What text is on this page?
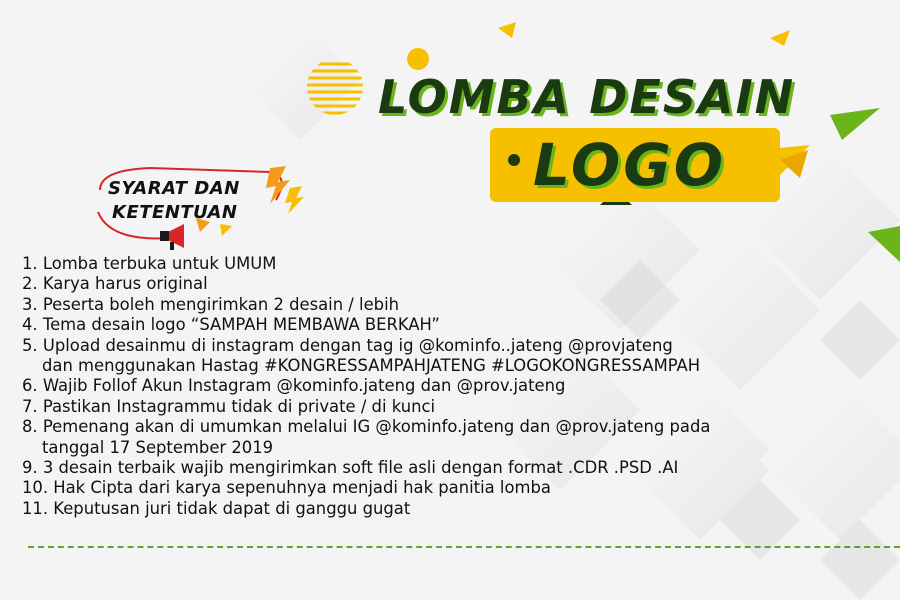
LOMBA DESAIN
LOGO
SYARAT DAN
KETENTUAN
1. Lomba terbuka untuk UMUM
2. Karya harus original
3. Peserta boleh mengirimkan 2 desain / lebih
4. Tema desain logo “SAMPAH MEMBAWA BERKAH”
5. Upload desainmu di instagram dengan tag ig @kominfo..jateng @provjateng
dan menggunakan Hastag #KONGRESSAMPAHJATENG #LOGOKONGRESSAMPAH
6. Wajib Follof Akun Instagram @kominfo.jateng dan @prov.jateng
7. Pastikan Instagrammu tidak di private / di kunci
8. Pemenang akan di umumkan melalui IG @kominfo.jateng dan @prov.jateng pada
tanggal 17 September 2019
9. 3 desain terbaik wajib mengirimkan soft file asli dengan format .CDR .PSD .AI
10. Hak Cipta dari karya sepenuhnya menjadi hak panitia lomba
11. Keputusan juri tidak dapat di ganggu gugat
